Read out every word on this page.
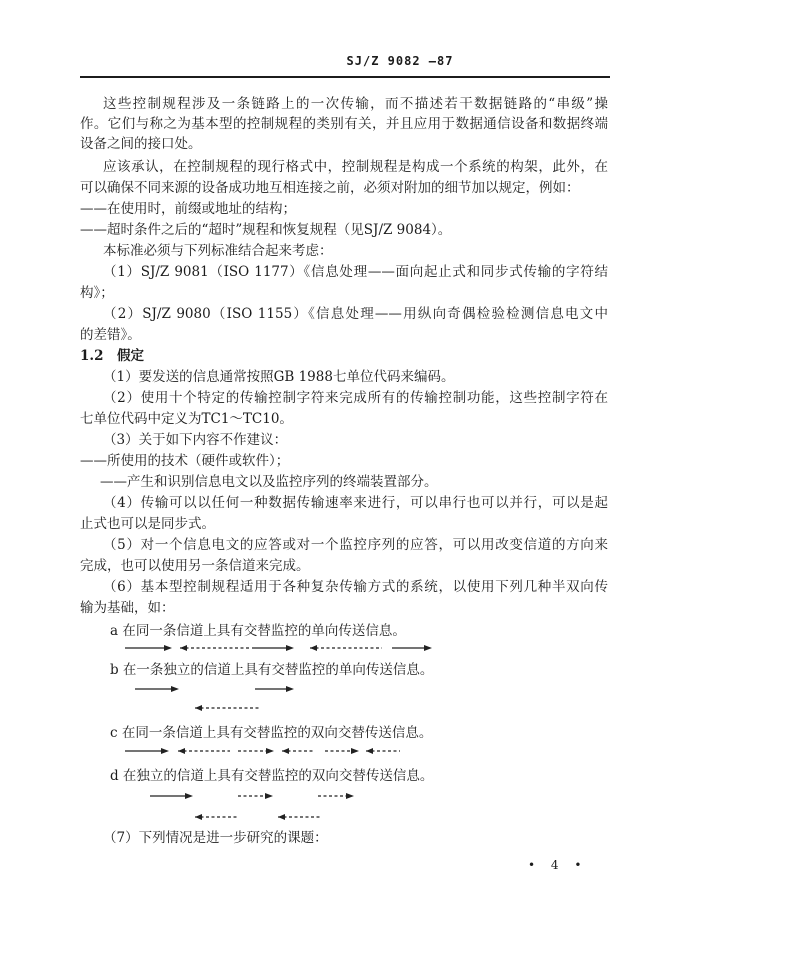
SJ/Z 9082 —87
这些控制规程涉及一条链路上的一次传输，而不描述若干数据链路的“串级”操
作。它们与称之为基本型的控制规程的类别有关，并且应用于数据通信设备和数据终端
设备之间的接口处。
应该承认，在控制规程的现行格式中，控制规程是构成一个系统的构架，此外，在
可以确保不同来源的设备成功地互相连接之前，必须对附加的细节加以规定，例如：
——在使用时，前缀或地址的结构；
——超时条件之后的“超时”规程和恢复规程（见SJ/Z 9084）。
本标准必须与下列标准结合起来考虑：
（1）SJ/Z 9081（ISO 1177）《信息处理——面向起止式和同步式传输的字符结
构》；
（2）SJ/Z 9080（ISO 1155）《信息处理——用纵向奇偶检验检测信息电文中
的差错》。
1.2　假定
（1）要发送的信息通常按照GB 1988七单位代码来编码。
（2）使用十个特定的传输控制字符来完成所有的传输控制功能，这些控制字符在
七单位代码中定义为TC1～TC10。
（3）关于如下内容不作建议：
——所使用的技术（硬件或软件）；
——产生和识别信息电文以及监控序列的终端装置部分。
（4）传输可以以任何一种数据传输速率来进行，可以串行也可以并行，可以是起
止式也可以是同步式。
（5）对一个信息电文的应答或对一个监控序列的应答，可以用改变信道的方向来
完成，也可以使用另一条信道来完成。
（6）基本型控制规程适用于各种复杂传输方式的系统，以使用下列几种半双向传
输为基础，如：
a 在同一条信道上具有交替监控的单向传送信息。
b 在一条独立的信道上具有交替监控的单向传送信息。
c 在同一条信道上具有交替监控的双向交替传送信息。
d 在独立的信道上具有交替监控的双向交替传送信息。
（7）下列情况是进一步研究的课题：
• 4 •
